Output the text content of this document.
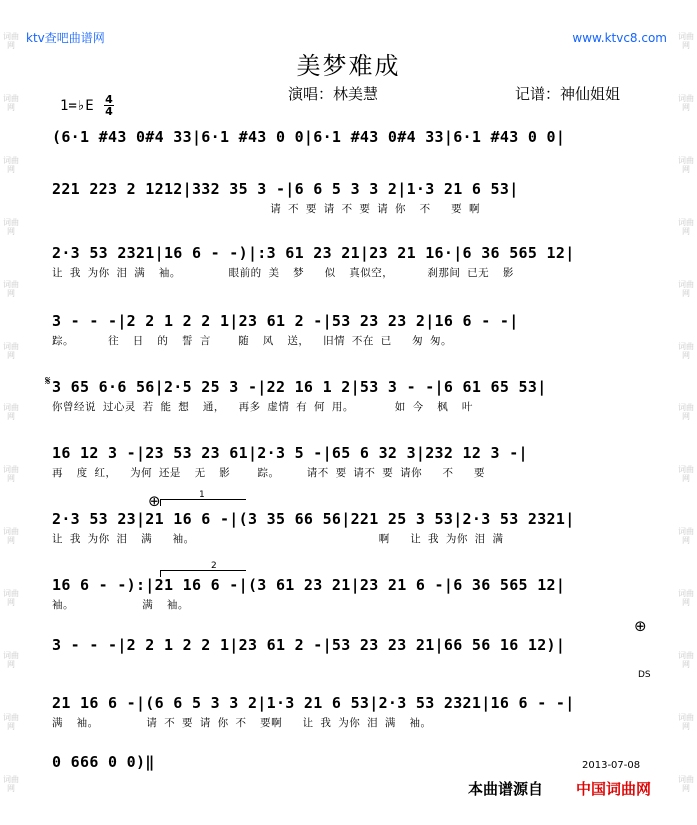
词曲网
词曲网
词曲网
词曲网
词曲网
词曲网
词曲网
词曲网
词曲网
词曲网
词曲网
词曲网
词曲网
词曲网
词曲网
词曲网
词曲网
词曲网
词曲网
词曲网
词曲网
词曲网
词曲网
词曲网
词曲网
词曲网
ktv查吧曲谱网	www.ktvc8.com
美梦难成
演唱：林美慧	记谱：神仙姐姐
1=♭E 4
4
(6·1 #43 0#4 33|6·1 #43 0 0|6·1 #43 0#4 33|6·1 #43 0 0|
221 223 2 1212|332 35 3 -|6 6 5 3 3 2|1·3 21 6 53|
请 不 要 请 不 要 请 你  不   要 啊
2·3 53 2321|16 6 - -)|:3 61 23 21|23 21 16·|6 36 565 12|
让 我 为你 泪 满  袖。       眼前的 美  梦   似  真似空，     刹那间 已无  影
3 - - -|2 2 1 2 2 1|23 61 2 -|53 23 23 2|16 6 - -|
踪。     往  日  的  誓 言    随  风  送，  旧情 不在 已   匆 匆。
3 65 6·6 56|2·5 25 3 -|22 16 1 2|53 3 - -|6 61 65 53|
你曾经说 过心灵 若 能 想  通，  再多 虚情 有 何 用。      如 今  枫  叶
16 12 3 -|23 53 23 61|2·3 5 -|65 6 32 3|232 12 3 -|
再  度 红，  为何 还是  无  影    踪。    请不 要 请不 要 请你   不   要
2·3 53 23|21 16 6 -|(3 35 66 56|221 25 3 53|2·3 53 2321|
让 我 为你 泪  满   袖。                           啊   让 我 为你 泪 满
16 6 - -):|21 16 6 -|(3 61 23 21|23 21 6 -|6 36 565 12|
袖。          满  袖。
3 - - -|2 2 1 2 2 1|23 61 2 -|53 23 23 21|66 56 16 12)|
21 16 6 -|(6 6 5 3 3 2|1·3 21 6 53|2·3 53 2321|16 6 - -|
满  袖。       请 不 要 请 你 不  要啊   让 我 为你 泪 满  袖。
0 666 0 0)‖
𝄋
⊕
⊕
DS
1
2
2013-07-08
本曲谱源自 中国词曲网
